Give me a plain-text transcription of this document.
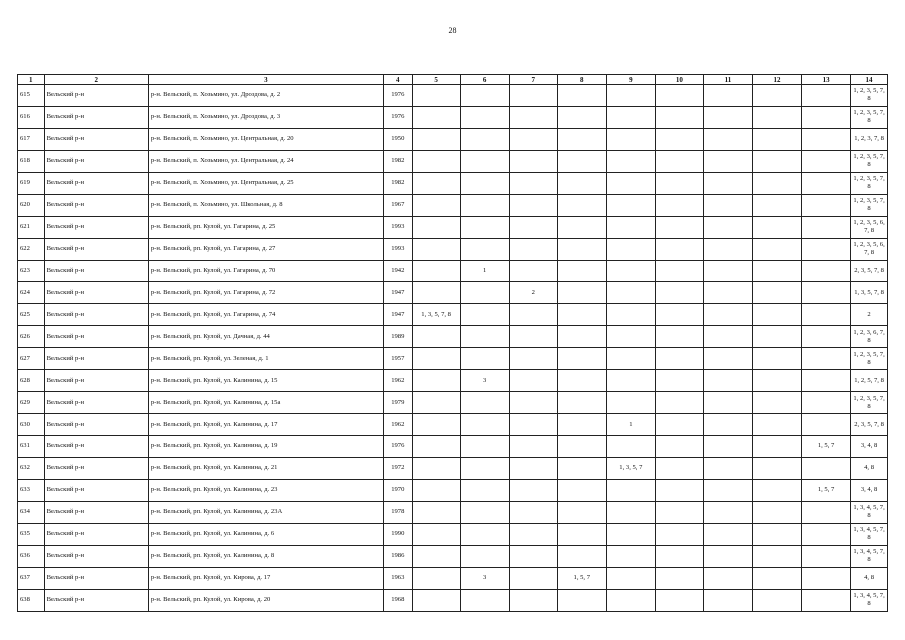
28
1	2	3	4	5	6	7	8	9	10	11	12	13	14
615	Вельский р-н	р-н. Вельский, п. Хозьмино, ул. Дроздова, д. 2	1976										1, 2, 3, 5, 7, 8
616	Вельский р-н	р-н. Вельский, п. Хозьмино, ул. Дроздова, д. 3	1976										1, 2, 3, 5, 7, 8
617	Вельский р-н	р-н. Вельский, п. Хозьмино, ул. Центральная, д. 20	1950										1, 2, 3, 7, 8
618	Вельский р-н	р-н. Вельский, п. Хозьмино, ул. Центральная, д. 24	1982										1, 2, 3, 5, 7, 8
619	Вельский р-н	р-н. Вельский, п. Хозьмино, ул. Центральная, д. 25	1982										1, 2, 3, 5, 7, 8
620	Вельский р-н	р-н. Вельский, п. Хозьмино, ул. Школьная, д. 8	1967										1, 2, 3, 5, 7, 8
621	Вельский р-н	р-н. Вельский, рп. Кулой, ул. Гагарина, д. 25	1993										1, 2, 3, 5, 6, 7, 8
622	Вельский р-н	р-н. Вельский, рп. Кулой, ул. Гагарина, д. 27	1993										1, 2, 3, 5, 6, 7, 8
623	Вельский р-н	р-н. Вельский, рп. Кулой, ул. Гагарина, д. 70	1942		1								2, 3, 5, 7, 8
624	Вельский р-н	р-н. Вельский, рп. Кулой, ул. Гагарина, д. 72	1947			2							1, 3, 5, 7, 8
625	Вельский р-н	р-н. Вельский, рп. Кулой, ул. Гагарина, д. 74	1947	1, 3, 5, 7, 8									2
626	Вельский р-н	р-н. Вельский, рп. Кулой, ул. Дачная, д. 44	1989										1, 2, 3, 6, 7, 8
627	Вельский р-н	р-н. Вельский, рп. Кулой, ул. Зеленая, д. 1	1957										1, 2, 3, 5, 7, 8
628	Вельский р-н	р-н. Вельский, рп. Кулой, ул. Калинина, д. 15	1962		3								1, 2, 5, 7, 8
629	Вельский р-н	р-н. Вельский, рп. Кулой, ул. Калинина, д. 15а	1979										1, 2, 3, 5, 7, 8
630	Вельский р-н	р-н. Вельский, рп. Кулой, ул. Калинина, д. 17	1962					1					2, 3, 5, 7, 8
631	Вельский р-н	р-н. Вельский, рп. Кулой, ул. Калинина, д. 19	1976									1, 5, 7	3, 4, 8
632	Вельский р-н	р-н. Вельский, рп. Кулой, ул. Калинина, д. 21	1972					1, 3, 5, 7					4, 8
633	Вельский р-н	р-н. Вельский, рп. Кулой, ул. Калинина, д. 23	1970									1, 5, 7	3, 4, 8
634	Вельский р-н	р-н. Вельский, рп. Кулой, ул. Калинина, д. 23А	1978										1, 3, 4, 5, 7, 8
635	Вельский р-н	р-н. Вельский, рп. Кулой, ул. Калинина, д. 6	1990										1, 3, 4, 5, 7, 8
636	Вельский р-н	р-н. Вельский, рп. Кулой, ул. Калинина, д. 8	1986										1, 3, 4, 5, 7, 8
637	Вельский р-н	р-н. Вельский, рп. Кулой, ул. Кирова, д. 17	1963		3		1, 5, 7						4, 8
638	Вельский р-н	р-н. Вельский, рп. Кулой, ул. Кирова, д. 20	1968										1, 3, 4, 5, 7, 8
